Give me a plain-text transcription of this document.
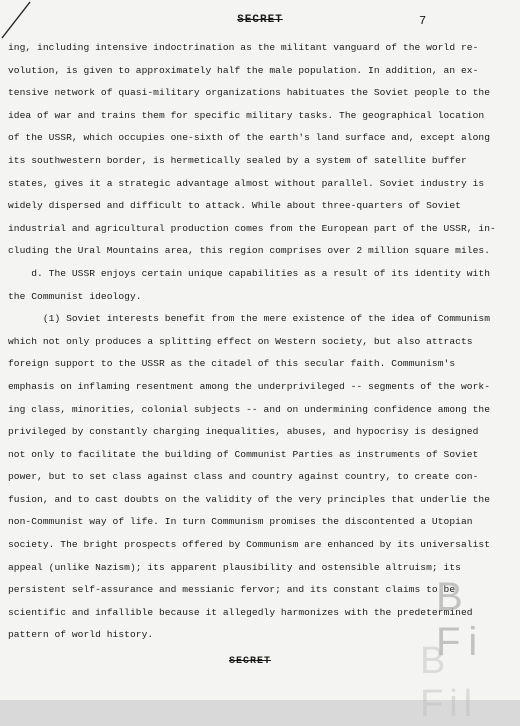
SECRET	7
ing, including intensive indoctrination as the militant vanguard of the world re-
volution, is given to approximately half the male population. In addition, an ex-
tensive network of quasi-military organizations habituates the Soviet people to the
idea of war and trains them for specific military tasks. The geographical location
of the USSR, which occupies one-sixth of the earth's land surface and, except along
its southwestern border, is hermetically sealed by a system of satellite buffer
states, gives it a strategic advantage almost without parallel. Soviet industry is
widely dispersed and difficult to attack. While about three-quarters of Soviet
industrial and agricultural production comes from the European part of the USSR, in-
cluding the Ural Mountains area, this region comprises over 2 million square miles.
d. The USSR enjoys certain unique capabilities as a result of its identity with
the Communist ideology.
(1) Soviet interests benefit from the mere existence of the idea of Communism
which not only produces a splitting effect on Western society, but also attracts
foreign support to the USSR as the citadel of this secular faith. Communism's
emphasis on inflaming resentment among the underprivileged -- segments of the work-
ing class, minorities, colonial subjects -- and on undermining confidence among the
privileged by constantly charging inequalities, abuses, and hypocrisy is designed
not only to facilitate the building of Communist Parties as instruments of Soviet
power, but to set class against class and country against country, to create con-
fusion, and to cast doubts on the validity of the very principles that underlie the
non-Communist way of life. In turn Communism promises the discontented a Utopian
society. The bright prospects offered by Communism are enhanced by its universalist
appeal (unlike Nazism); its apparent plausibility and ostensible altruism; its
persistent self-assurance and messianic fervor; and its constant claims to be
scientific and infallible because it allegedly harmonizes with the predetermined
pattern of world history.
B Fi
B Fil
SECRET
